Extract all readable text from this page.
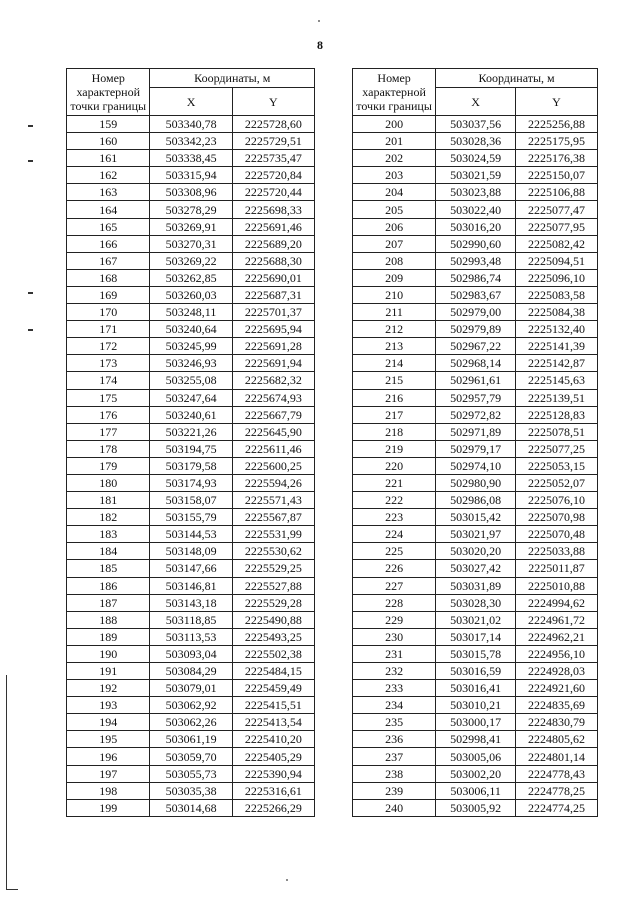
8
Номер характерной точки границы	Координаты, м	
	X	Y
159	503340,78	2225728,60
160	503342,23	2225729,51
161	503338,45	2225735,47
162	503315,94	2225720,84
163	503308,96	2225720,44
164	503278,29	2225698,33
165	503269,91	2225691,46
166	503270,31	2225689,20
167	503269,22	2225688,30
168	503262,85	2225690,01
169	503260,03	2225687,31
170	503248,11	2225701,37
171	503240,64	2225695,94
172	503245,99	2225691,28
173	503246,93	2225691,94
174	503255,08	2225682,32
175	503247,64	2225674,93
176	503240,61	2225667,79
177	503221,26	2225645,90
178	503194,75	2225611,46
179	503179,58	2225600,25
180	503174,93	2225594,26
181	503158,07	2225571,43
182	503155,79	2225567,87
183	503144,53	2225531,99
184	503148,09	2225530,62
185	503147,66	2225529,25
186	503146,81	2225527,88
187	503143,18	2225529,28
188	503118,85	2225490,88
189	503113,53	2225493,25
190	503093,04	2225502,38
191	503084,29	2225484,15
192	503079,01	2225459,49
193	503062,92	2225415,51
194	503062,26	2225413,54
195	503061,19	2225410,20
196	503059,70	2225405,29
197	503055,73	2225390,94
198	503035,38	2225316,61
199	503014,68	2225266,29
Номер характерной точки границы	Координаты, м	
	X	Y
200	503037,56	2225256,88
201	503028,36	2225175,95
202	503024,59	2225176,38
203	503021,59	2225150,07
204	503023,88	2225106,88
205	503022,40	2225077,47
206	503016,20	2225077,95
207	502990,60	2225082,42
208	502993,48	2225094,51
209	502986,74	2225096,10
210	502983,67	2225083,58
211	502979,00	2225084,38
212	502979,89	2225132,40
213	502967,22	2225141,39
214	502968,14	2225142,87
215	502961,61	2225145,63
216	502957,79	2225139,51
217	502972,82	2225128,83
218	502971,89	2225078,51
219	502979,17	2225077,25
220	502974,10	2225053,15
221	502980,90	2225052,07
222	502986,08	2225076,10
223	503015,42	2225070,98
224	503021,97	2225070,48
225	503020,20	2225033,88
226	503027,42	2225011,87
227	503031,89	2225010,88
228	503028,30	2224994,62
229	503021,02	2224961,72
230	503017,14	2224962,21
231	503015,78	2224956,10
232	503016,59	2224928,03
233	503016,41	2224921,60
234	503010,21	2224835,69
235	503000,17	2224830,79
236	502998,41	2224805,62
237	503005,06	2224801,14
238	503002,20	2224778,43
239	503006,11	2224778,25
240	503005,92	2224774,25
